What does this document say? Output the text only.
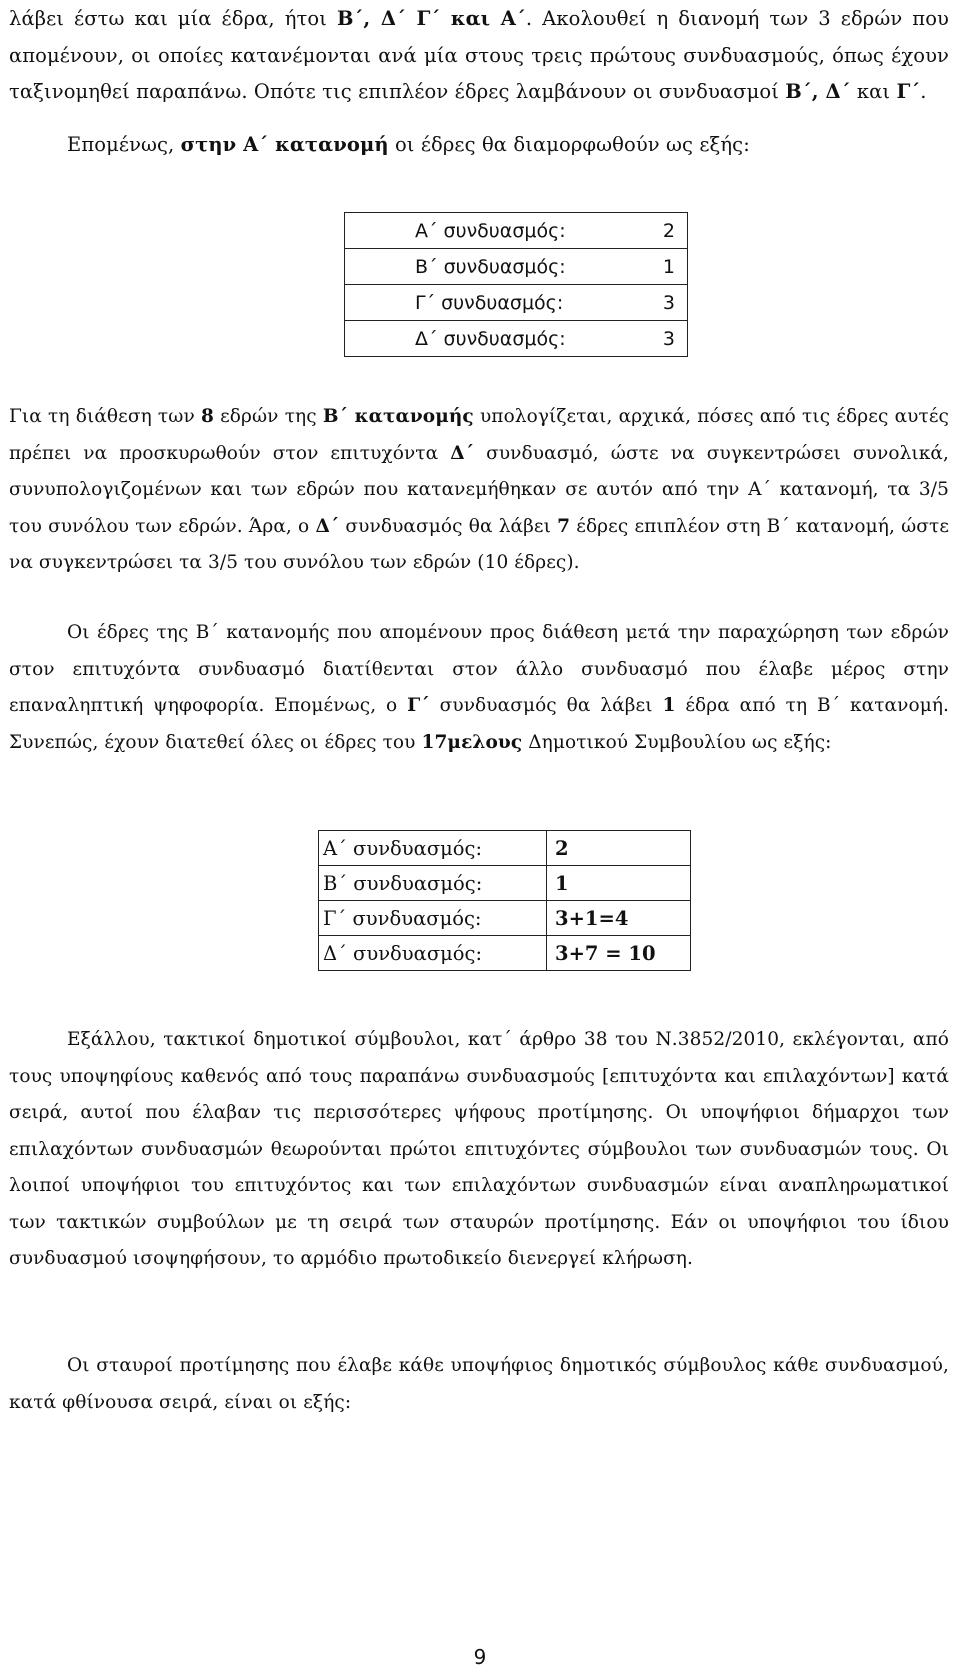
λάβει έστω και μία έδρα, ήτοι Β΄, Δ΄ Γ΄ και Α΄. Ακολουθεί η διανομή των 3 εδρών που απομένουν, οι οποίες κατανέμονται ανά μία στους τρεις πρώτους συνδυασμούς, όπως έχουν ταξινομηθεί παραπάνω. Οπότε τις επιπλέον έδρες λαμβάνουν οι συνδυασμοί Β΄, Δ΄ και Γ΄.

Επομένως, στην Α΄ κατανομή οι έδρες θα διαμορφωθούν ως εξής:

Α΄ συνδυασμός:	2
Β΄ συνδυασμός:	1
Γ΄ συνδυασμός:	3
Δ΄ συνδυασμός:	3

Για τη διάθεση των 8 εδρών της Β΄ κατανομής υπολογίζεται, αρχικά, πόσες από τις έδρες αυτές πρέπει να προσκυρωθούν στον επιτυχόντα Δ΄ συνδυασμό, ώστε να συγκεντρώσει συνολικά, συνυπολογιζομένων και των εδρών που κατανεμήθηκαν σε αυτόν από την Α΄ κατανομή, τα 3/5 του συνόλου των εδρών. Άρα, ο Δ΄ συνδυασμός θα λάβει 7 έδρες επιπλέον στη Β΄ κατανομή, ώστε να συγκεντρώσει τα 3/5 του συνόλου των εδρών (10 έδρες).

Οι έδρες της Β΄ κατανομής που απομένουν προς διάθεση μετά την παραχώρηση των εδρών στον επιτυχόντα συνδυασμό διατίθενται στον άλλο συνδυασμό που έλαβε μέρος στην επαναληπτική ψηφοφορία. Επομένως, ο Γ΄ συνδυασμός θα λάβει 1 έδρα από τη Β΄ κατανομή. Συνεπώς, έχουν διατεθεί όλες οι έδρες του 17μελους Δημοτικού Συμβουλίου ως εξής:

Α΄ συνδυασμός:	2
Β΄ συνδυασμός:	1
Γ΄ συνδυασμός:	3+1=4
Δ΄ συνδυασμός:	3+7 = 10

Εξάλλου, τακτικοί δημοτικοί σύμβουλοι, κατ΄ άρθρο 38 του Ν.3852/2010, εκλέγονται, από τους υποψηφίους καθενός από τους παραπάνω συνδυασμούς [επιτυχόντα και επιλαχόντων] κατά σειρά, αυτοί που έλαβαν τις περισσότερες ψήφους προτίμησης. Οι υποψήφιοι δήμαρχοι των επιλαχόντων συνδυασμών θεωρούνται πρώτοι επιτυχόντες σύμβουλοι των συνδυασμών τους. Οι λοιποί υποψήφιοι του επιτυχόντος και των επιλαχόντων συνδυασμών είναι αναπληρωματικοί των τακτικών συμβούλων με τη σειρά των σταυρών προτίμησης. Εάν οι υποψήφιοι του ίδιου συνδυασμού ισοψηφήσουν, το αρμόδιο πρωτοδικείο διενεργεί κλήρωση.

Οι σταυροί προτίμησης που έλαβε κάθε υποψήφιος δημοτικός σύμβουλος κάθε συνδυασμού, κατά φθίνουσα σειρά, είναι οι εξής:

9
